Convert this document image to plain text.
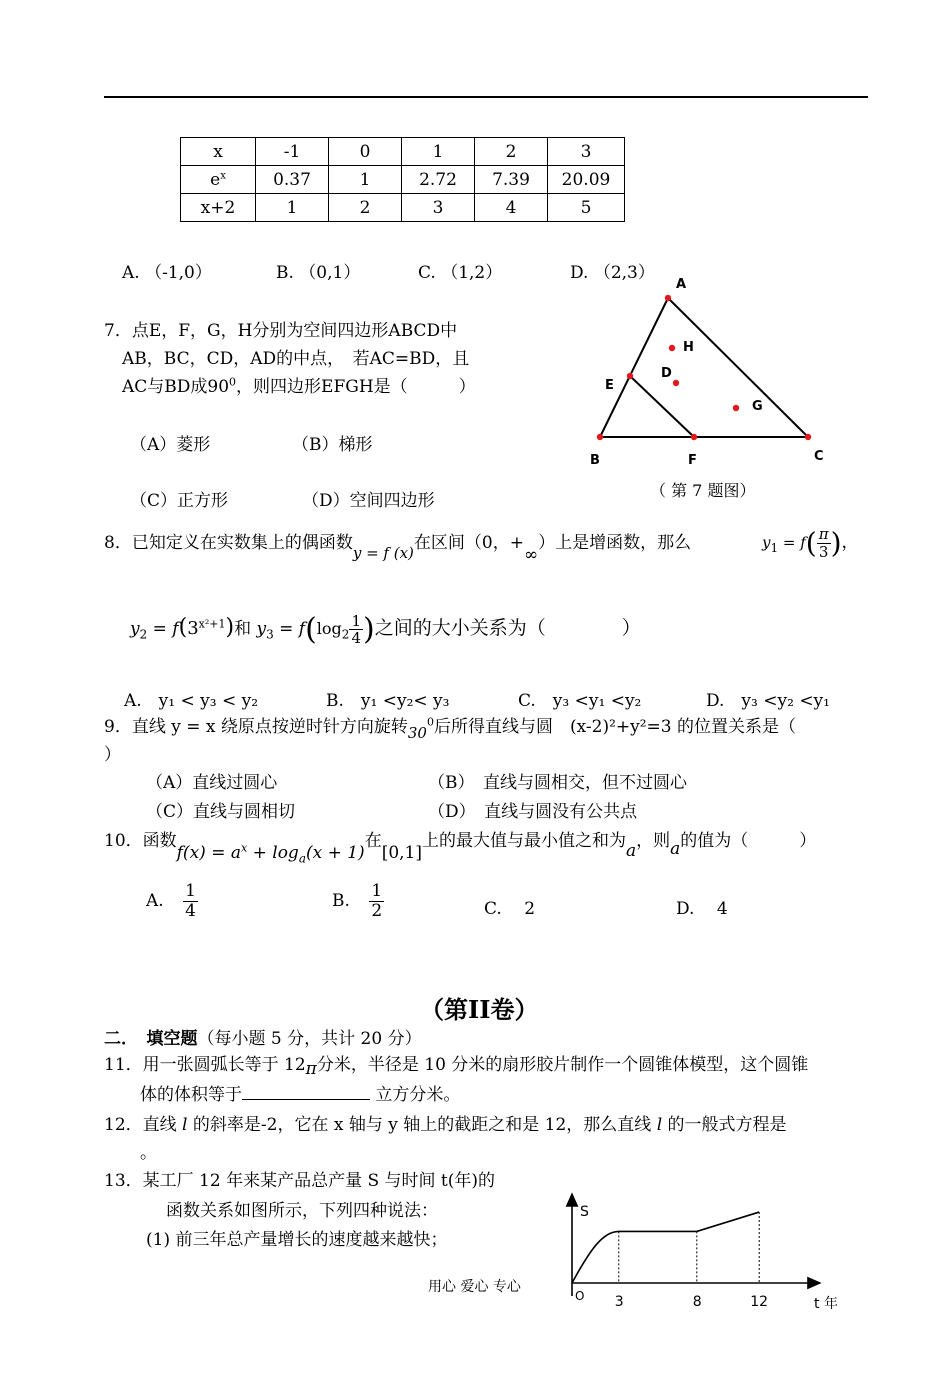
x	-1	0	1	2	3
$e^x$	0.37	1	2.72	7.39	20.09
x+2	1	2	3	4	5
A. （-1,0）	B. （0,1）	C. （1,2）	D. （2,3）
7．点E，F，G，H分别为空间四边形ABCD中
AB，BC，CD，AD的中点，　若AC=BD，且
AC与BD成$90^0$，则四边形EFGH是（　　　）
（A）菱形	（B）梯形
（C）正方形	（D）空间四边形
A
B	C
D
E
F
G
H
（ 第 7 题图）
8．已知定义在实数集上的偶函数y = f (x)在区间（0，+∞）上是增函数，那么	$y_1 = f( \frac{\pi}{3}$ )，
$y_2 = f(3^{x^2+1})$和 $y_3 = f(\log_2 \frac{1}{4}$ )之间的大小关系为（　　　　）
A.　y₁ < y₃ < y₂	B.　y₁ <y₂< y₃	C.　y₃ <y₁ <y₂	D.　y₃ <y₂ <y₁
9．直线 y = x 绕原点按逆时针方向旋转$30^0$后所得直线与圆　(x-2)²+y²=3 的位置关系是（
）
（A）直线过圆心	（B）　直线与圆相交，但不过圆心
（C）直线与圆相切	（D）　直线与圆没有公共点
10．函数$f(x) = a^x + \log_a(x + 1)$在[0,1]上的最大值与最小值之和为a，则a的值为（　　　）
A. $\frac{1}{4}$	B. $\frac{1}{2}$	C.　 2	D.　 4
（第II卷）
二．　 填空题（每小题 5 分，共计 20 分）
11．用一张圆弧长等于 12π分米，半径是 10 分米的扇形胶片制作一个圆锥体模型，这个圆锥
体的体积等于	立方分米。
12．直线 l 的斜率是-2，它在 x 轴与 y 轴上的截距之和是 12，那么直线 l 的一般式方程是
。
13．某工厂 12 年来某产品总产量 S 与时间 t(年)的
函数关系如图所示，下列四种说法：
(1) 前三年总产量增长的速度越来越快；
S
t 年
O 3	8	12
用心 爱心 专心
